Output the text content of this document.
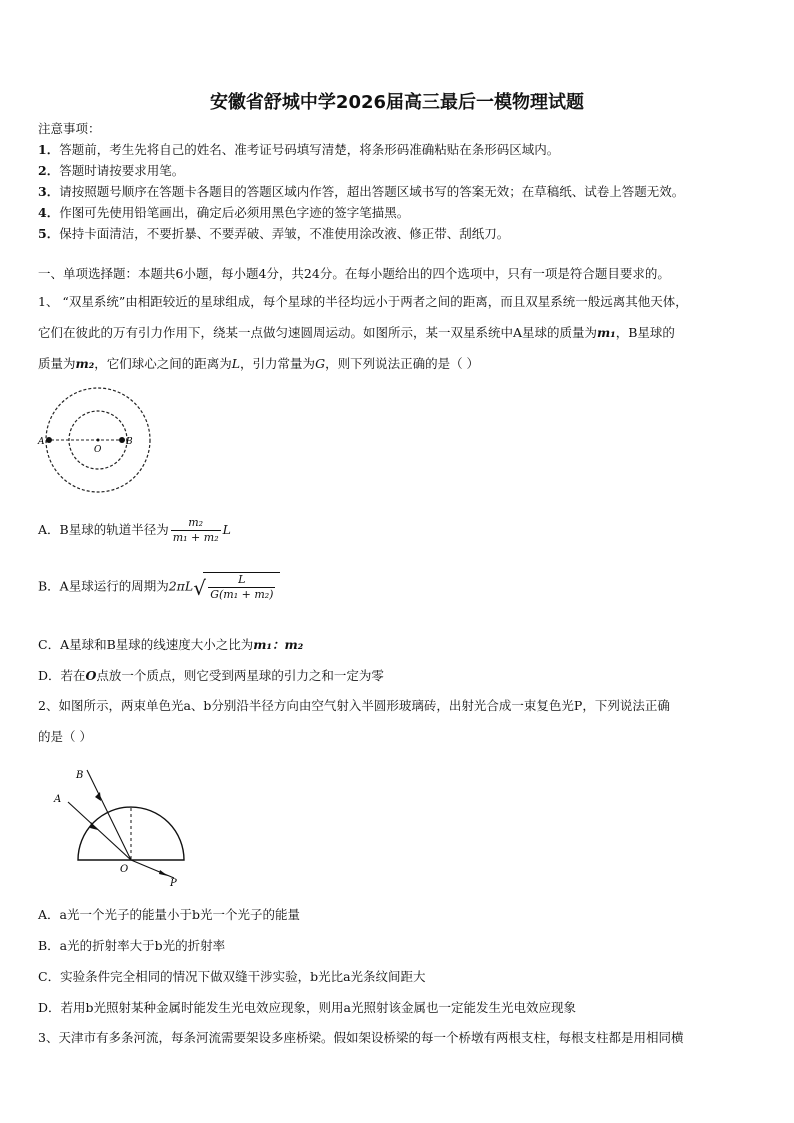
安徽省舒城中学2026届高三最后一模物理试题
注意事项：
1．答题前，考生先将自己的姓名、准考证号码填写清楚，将条形码准确粘贴在条形码区域内。
2．答题时请按要求用笔。
3．请按照题号顺序在答题卡各题目的答题区域内作答，超出答题区域书写的答案无效；在草稿纸、试卷上答题无效。
4．作图可先使用铅笔画出，确定后必须用黑色字迹的签字笔描黑。
5．保持卡面清洁，不要折暴、不要弄破、弄皱，不准使用涂改液、修正带、刮纸刀。
一、单项选择题：本题共6小题，每小题4分，共24分。在每小题给出的四个选项中，只有一项是符合题目要求的。
1、 “双星系统”由相距较近的星球组成，每个星球的半径均远小于两者之间的距离，而且双星系统一般远离其他天体，
它们在彼此的万有引力作用下，绕某一点做匀速圆周运动。如图所示，某一双星系统中A星球的质量为m₁，B星球的
质量为m₂，它们球心之间的距离为L，引力常量为G，则下列说法正确的是（ ）
A	B
O
A．B星球的轨道半径为 $\frac{\text{m₂}}{\text{m₁ + m₂}}$ L
B．A星球运行的周期为2πL
√ $\frac{L}{\text{G(m₁ + m₂)}}$
C．A星球和B星球的线速度大小之比为m₁：m₂
D．若在O点放一个质点，则它受到两星球的引力之和一定为零
2、如图所示，两束单色光a、b分别沿半径方向由空气射入半圆形玻璃砖，出射光合成一束复色光P，下列说法正确
的是（ ）
B
A
O
P
A．a光一个光子的能量小于b光一个光子的能量
B．a光的折射率大于b光的折射率
C．实验条件完全相同的情况下做双缝干涉实验，b光比a光条纹间距大
D．若用b光照射某种金属时能发生光电效应现象，则用a光照射该金属也一定能发生光电效应现象
3、天津市有多条河流，每条河流需要架设多座桥梁。假如架设桥梁的每一个桥墩有两根支柱，每根支柱都是用相同横
